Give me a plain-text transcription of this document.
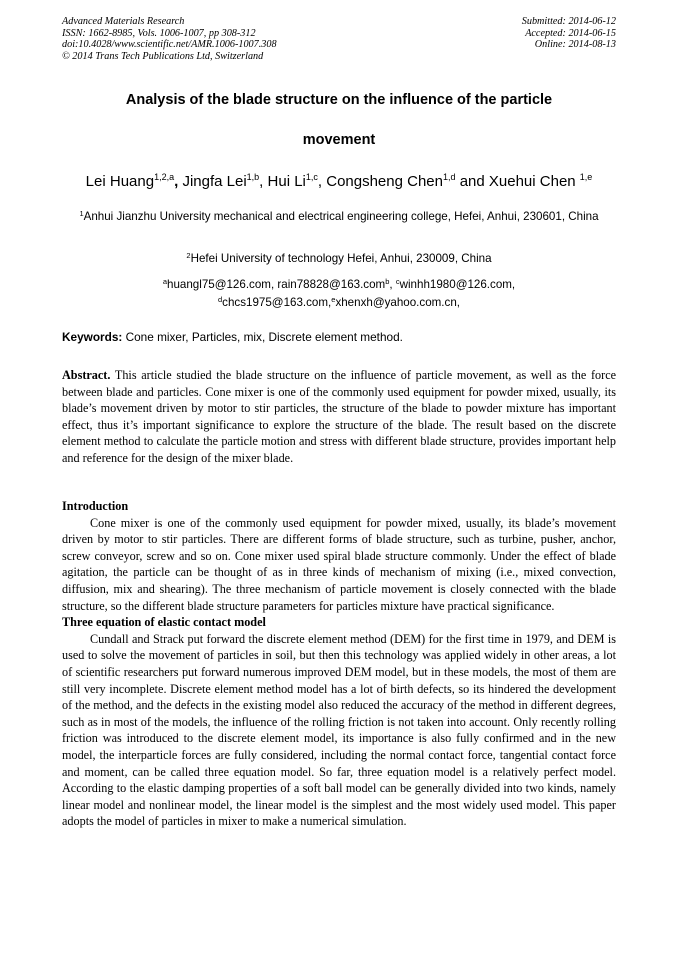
Advanced Materials Research
ISSN: 1662-8985, Vols. 1006-1007, pp 308-312
doi:10.4028/www.scientific.net/AMR.1006-1007.308
© 2014 Trans Tech Publications Ltd, Switzerland
Submitted: 2014-06-12
Accepted: 2014-06-15
Online: 2014-08-13
Analysis of the blade structure on the influence of the particle
movement
Lei Huang$^{1,2,a}$, Jingfa Lei$^{1,b}$, Hui Li$^{1,c}$, Congsheng Chen$^{1,d}$ and Xuehui Chen $^{1,e}$
$^1$Anhui Jianzhu University mechanical and electrical engineering college, Hefei, Anhui, 230601, China
$^2$Hefei University of technology Hefei, Anhui, 230009, China
$^a$huangl75@126.com, rain78828@163.com$^b$, $^c$winhh1980@126.com,
$^d$chcs1975@163.com,$^e$xhenxh@yahoo.com.cn,
Keywords: Cone mixer, Particles, mix, Discrete element method.

Abstract. This article studied the blade structure on the influence of particle movement, as well as the force between blade and particles. Cone mixer is one of the commonly used equipment for powder mixed, usually, its blade’s movement driven by motor to stir particles, the structure of the blade to powder mixture has important effect, thus it’s important significance to explore the structure of the blade. The result based on the discrete element method to calculate the particle motion and stress with different blade structure, provides important help and reference for the design of the mixer blade.

Introduction

Cone mixer is one of the commonly used equipment for powder mixed, usually, its blade’s movement driven by motor to stir particles. There are different forms of blade structure, such as turbine, pusher, anchor, screw conveyor, screw and so on. Cone mixer used spiral blade structure commonly. Under the effect of blade agitation, the particle can be thought of as in three kinds of mechanism of mixing (i.e., mixed convection, diffusion, mix and shearing). The three mechanism of particle movement is closely connected with the blade structure, so the different blade structure parameters for particles mixture have practical significance.

Three equation of elastic contact model

Cundall and Strack put forward the discrete element method (DEM) for the first time in 1979, and DEM is used to solve the movement of particles in soil, but then this technology was applied widely in other areas, a lot of scientific researchers put forward numerous improved DEM model, but in these models, the most of them are still very incomplete. Discrete element method model has a lot of birth defects, so its hindered the development of the method, and the defects in the existing model also reduced the accuracy of the method in different degrees, such as in most of the models, the influence of the rolling friction is not taken into account. Only recently rolling friction was introduced to the discrete element model, its importance is also fully confirmed and in the new model, the interparticle forces are fully considered, including the normal contact force, tangential contact force and moment, can be called three equation model. So far, three equation model is a relatively perfect model. According to the elastic damping properties of a soft ball model can be generally divided into two kinds, namely linear model and nonlinear model, the linear model is the simplest and the most widely used model. This paper adopts the model of particles in mixer to make a numerical simulation.
